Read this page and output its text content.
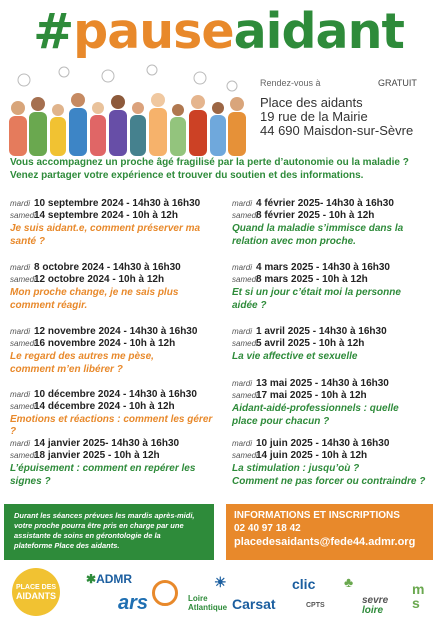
#pauseaidant
Rendez-vous à	GRATUIT
Place des aidants
19 rue de la Mairie
44 690 Maisdon-sur-Sèvre
Vous accompagnez un proche âgé fragilisé par la perte d’autonomie ou la maladie ?
Venez partager votre expérience et trouver du soutien et des informations.
mardi 10 septembre 2024 - 14h30 à 16h30
samedi14 septembre 2024 - 10h à 12h
Je suis aidant.e, comment préserver ma
santé ?
mardi 8 octobre 2024 - 14h30 à 16h30
samedi12 octobre 2024 - 10h à 12h
Mon proche change, je ne sais plus
comment réagir.
mardi 12 novembre 2024 - 14h30 à 16h30
samedi16 novembre 2024 - 10h à 12h
Le regard des autres me pèse,
comment m’en libérer ?
mardi 10 décembre 2024 - 14h30 à 16h30
samedi14 décembre 2024 - 10h à 12h
Emotions et réactions : comment les gérer ?
mardi 14 janvier 2025- 14h30 à 16h30
samedi18 janvier 2025 - 10h à 12h
L’épuisement : comment en repérer les
signes ?
mardi 4 février 2025- 14h30 à 16h30
samedi8 février 2025 - 10h à 12h
Quand la maladie s’immisce dans la
relation avec mon proche.
mardi 4 mars 2025 - 14h30 à 16h30
samedi8 mars 2025 - 10h à 12h
Et si un jour c’était moi la personne
aidée ?
mardi 1 avril 2025 - 14h30 à 16h30
samedi5 avril 2025 - 10h à 12h
La vie affective et sexuelle
mardi 13 mai 2025 - 14h30 à 16h30
samedi17 mai 2025 - 10h à 12h
Aidant-aidé-professionnels : quelle
place pour chacun ?
mardi 10 juin 2025 - 14h30 à 16h30
samedi14 juin 2025 - 10h à 12h
La stimulation : jusqu’où ?
Comment ne pas forcer ou contraindre ?
Durant les séances prévues les mardis après-midi,
votre proche pourra être pris en charge par une
assistante de soins en gérontologie de la
plateforme Place des aidants.
INFORMATIONS ET INSCRIPTIONS
02 40 97 18 42
placedesaidants@fede44.admr.org
PLACE DES
AIDANTS
✱ADMR
ars	Loire
Atlantique
☀
Carsat
clic
CPTS
♣
sevre
loire
m
s
